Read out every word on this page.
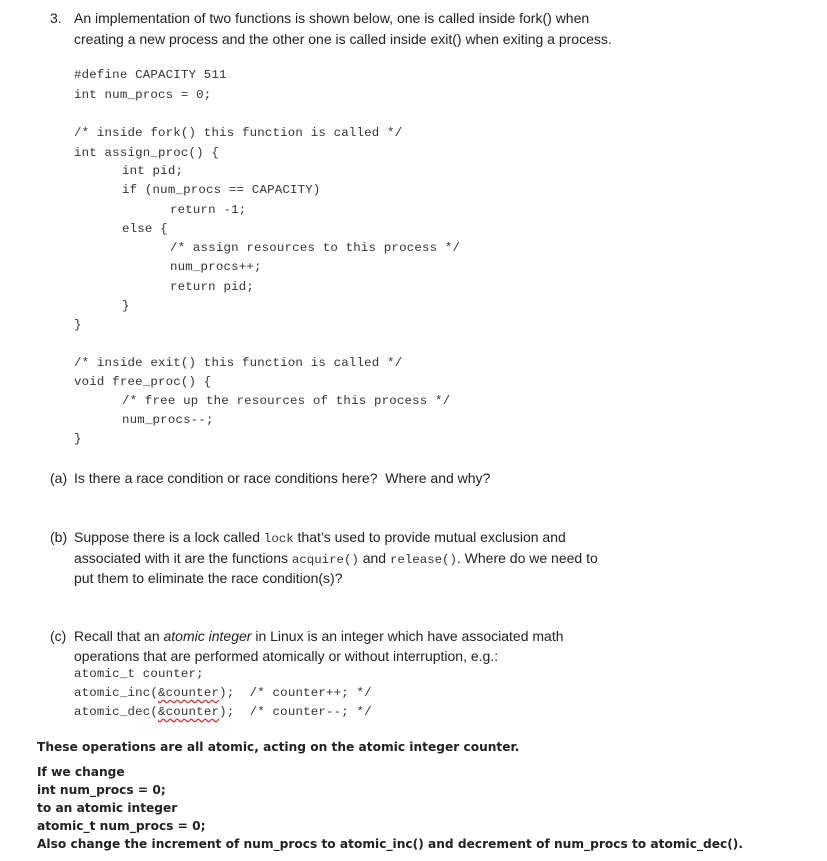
3. An implementation of two functions is shown below, one is called inside fork() when
creating a new process and the other one is called inside exit() when exiting a process.
#define CAPACITY 511
int num_procs = 0;
/* inside fork() this function is called */
int assign_proc() {
int pid;
if (num_procs == CAPACITY)
return -1;
else {
/* assign resources to this process */
num_procs++;
return pid;
}
}
/* inside exit() this function is called */
void free_proc() {
/* free up the resources of this process */
num_procs--;
}
(a) Is there a race condition or race conditions here?  Where and why?
(b) Suppose there is a lock called lock that’s used to provide mutual exclusion and
associated with it are the functions acquire() and release(). Where do we need to
put them to eliminate the race condition(s)?
(c) Recall that an atomic integer in Linux is an integer which have associated math
operations that are performed atomically or without interruption, e.g.:
atomic_t counter;
atomic_inc(&counter);  /* counter++; */
atomic_dec(&counter);  /* counter--; */
These operations are all atomic, acting on the atomic integer counter.
If we change
int num_procs = 0;
to an atomic integer
atomic_t num_procs = 0;
Also change the increment of num_procs to atomic_inc() and decrement of num_procs to atomic_dec().
